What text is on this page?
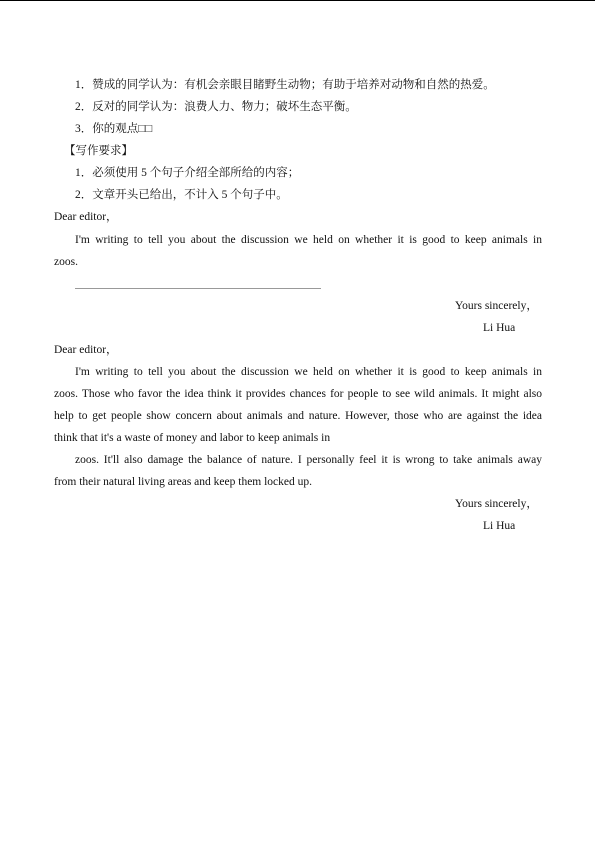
1．赞成的同学认为：有机会亲眼目睹野生动物；有助于培养对动物和自然的热爱。
2．反对的同学认为：浪费人力、物力；破坏生态平衡。
3．你的观点□□
【写作要求】
1．必须使用 5 个句子介绍全部所给的内容；
2．文章开头已给出，不计入 5 个句子中。
Dear editor，
I'm writing to tell you about the discussion we held on whether it is good to keep animals in
zoos.
Yours sincerely，
Li Hua
Dear editor，
I'm writing to tell you about the discussion we held on whether it is good to keep animals in
zoos. Those who favor the idea think it provides chances for people to see wild animals. It might also
help to get people show concern about animals and nature. However, those who are against the idea
think that it's a waste of money and labor to keep animals in
zoos. It'll also damage the balance of nature. I personally feel it is wrong to take animals away
from their natural living areas and keep them locked up.
Yours sincerely，
Li Hua
